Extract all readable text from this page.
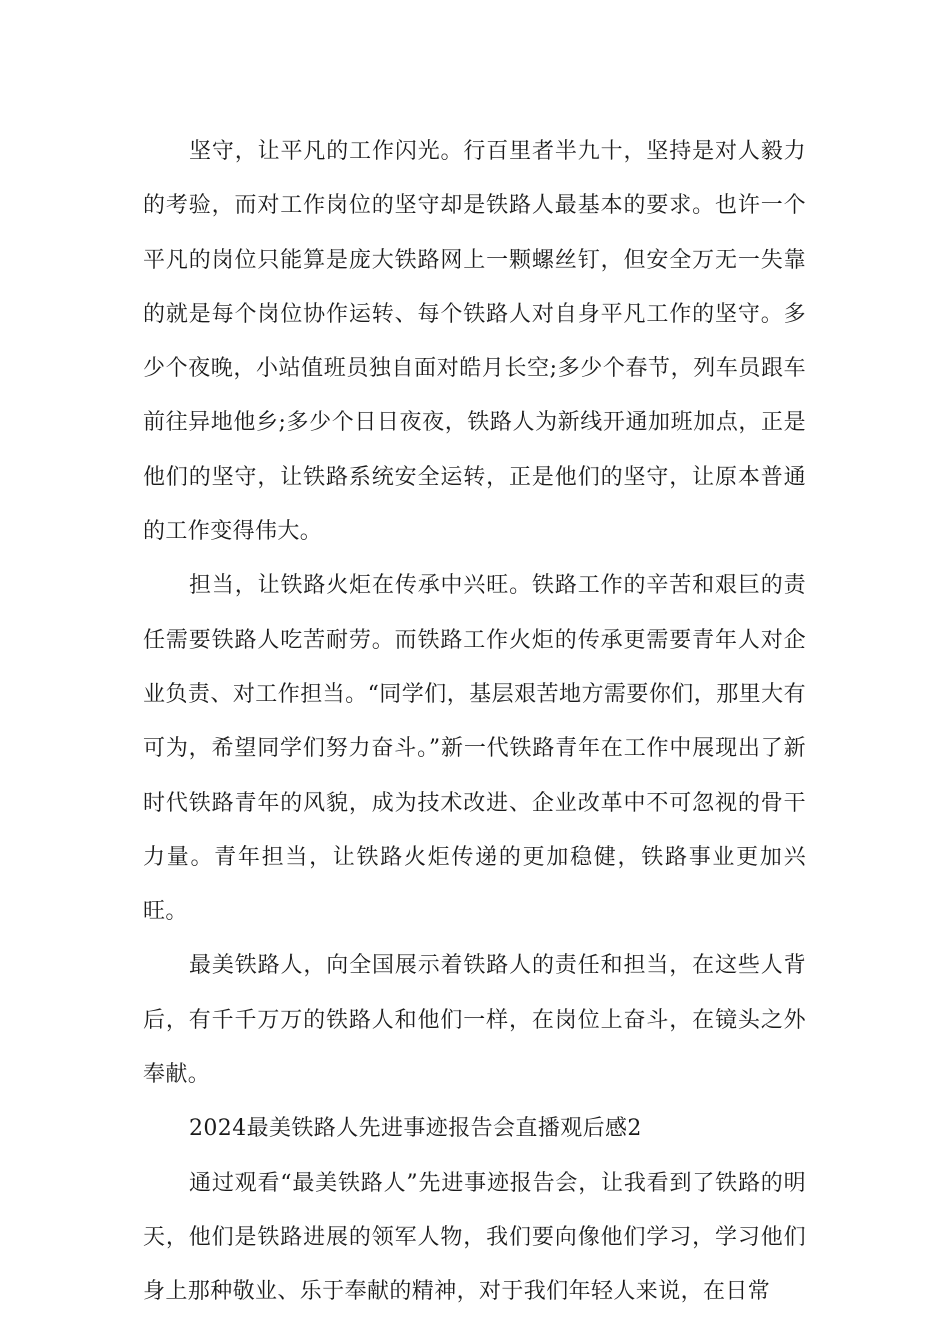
坚守，让平凡的工作闪光。行百里者半九十，坚持是对人毅力的考验，而对工作岗位的坚守却是铁路人最基本的要求。也许一个平凡的岗位只能算是庞大铁路网上一颗螺丝钉，但安全万无一失靠的就是每个岗位协作运转、每个铁路人对自身平凡工作的坚守。多少个夜晚，小站值班员独自面对皓月长空;多少个春节，列车员跟车前往异地他乡;多少个日日夜夜，铁路人为新线开通加班加点，正是他们的坚守，让铁路系统安全运转，正是他们的坚守，让原本普通的工作变得伟大。

担当，让铁路火炬在传承中兴旺。铁路工作的辛苦和艰巨的责任需要铁路人吃苦耐劳。而铁路工作火炬的传承更需要青年人对企业负责、对工作担当。“同学们，基层艰苦地方需要你们，那里大有可为，希望同学们努力奋斗。”新一代铁路青年在工作中展现出了新时代铁路青年的风貌，成为技术改进、企业改革中不可忽视的骨干力量。青年担当，让铁路火炬传递的更加稳健，铁路事业更加兴旺。

最美铁路人，向全国展示着铁路人的责任和担当，在这些人背后，有千千万万的铁路人和他们一样，在岗位上奋斗，在镜头之外奉献。

2024最美铁路人先进事迹报告会直播观后感2

通过观看“最美铁路人”先进事迹报告会，让我看到了铁路的明天，他们是铁路进展的领军人物，我们要向像他们学习，学习他们身上那种敬业、乐于奉献的精神，对于我们年轻人来说，在日常
